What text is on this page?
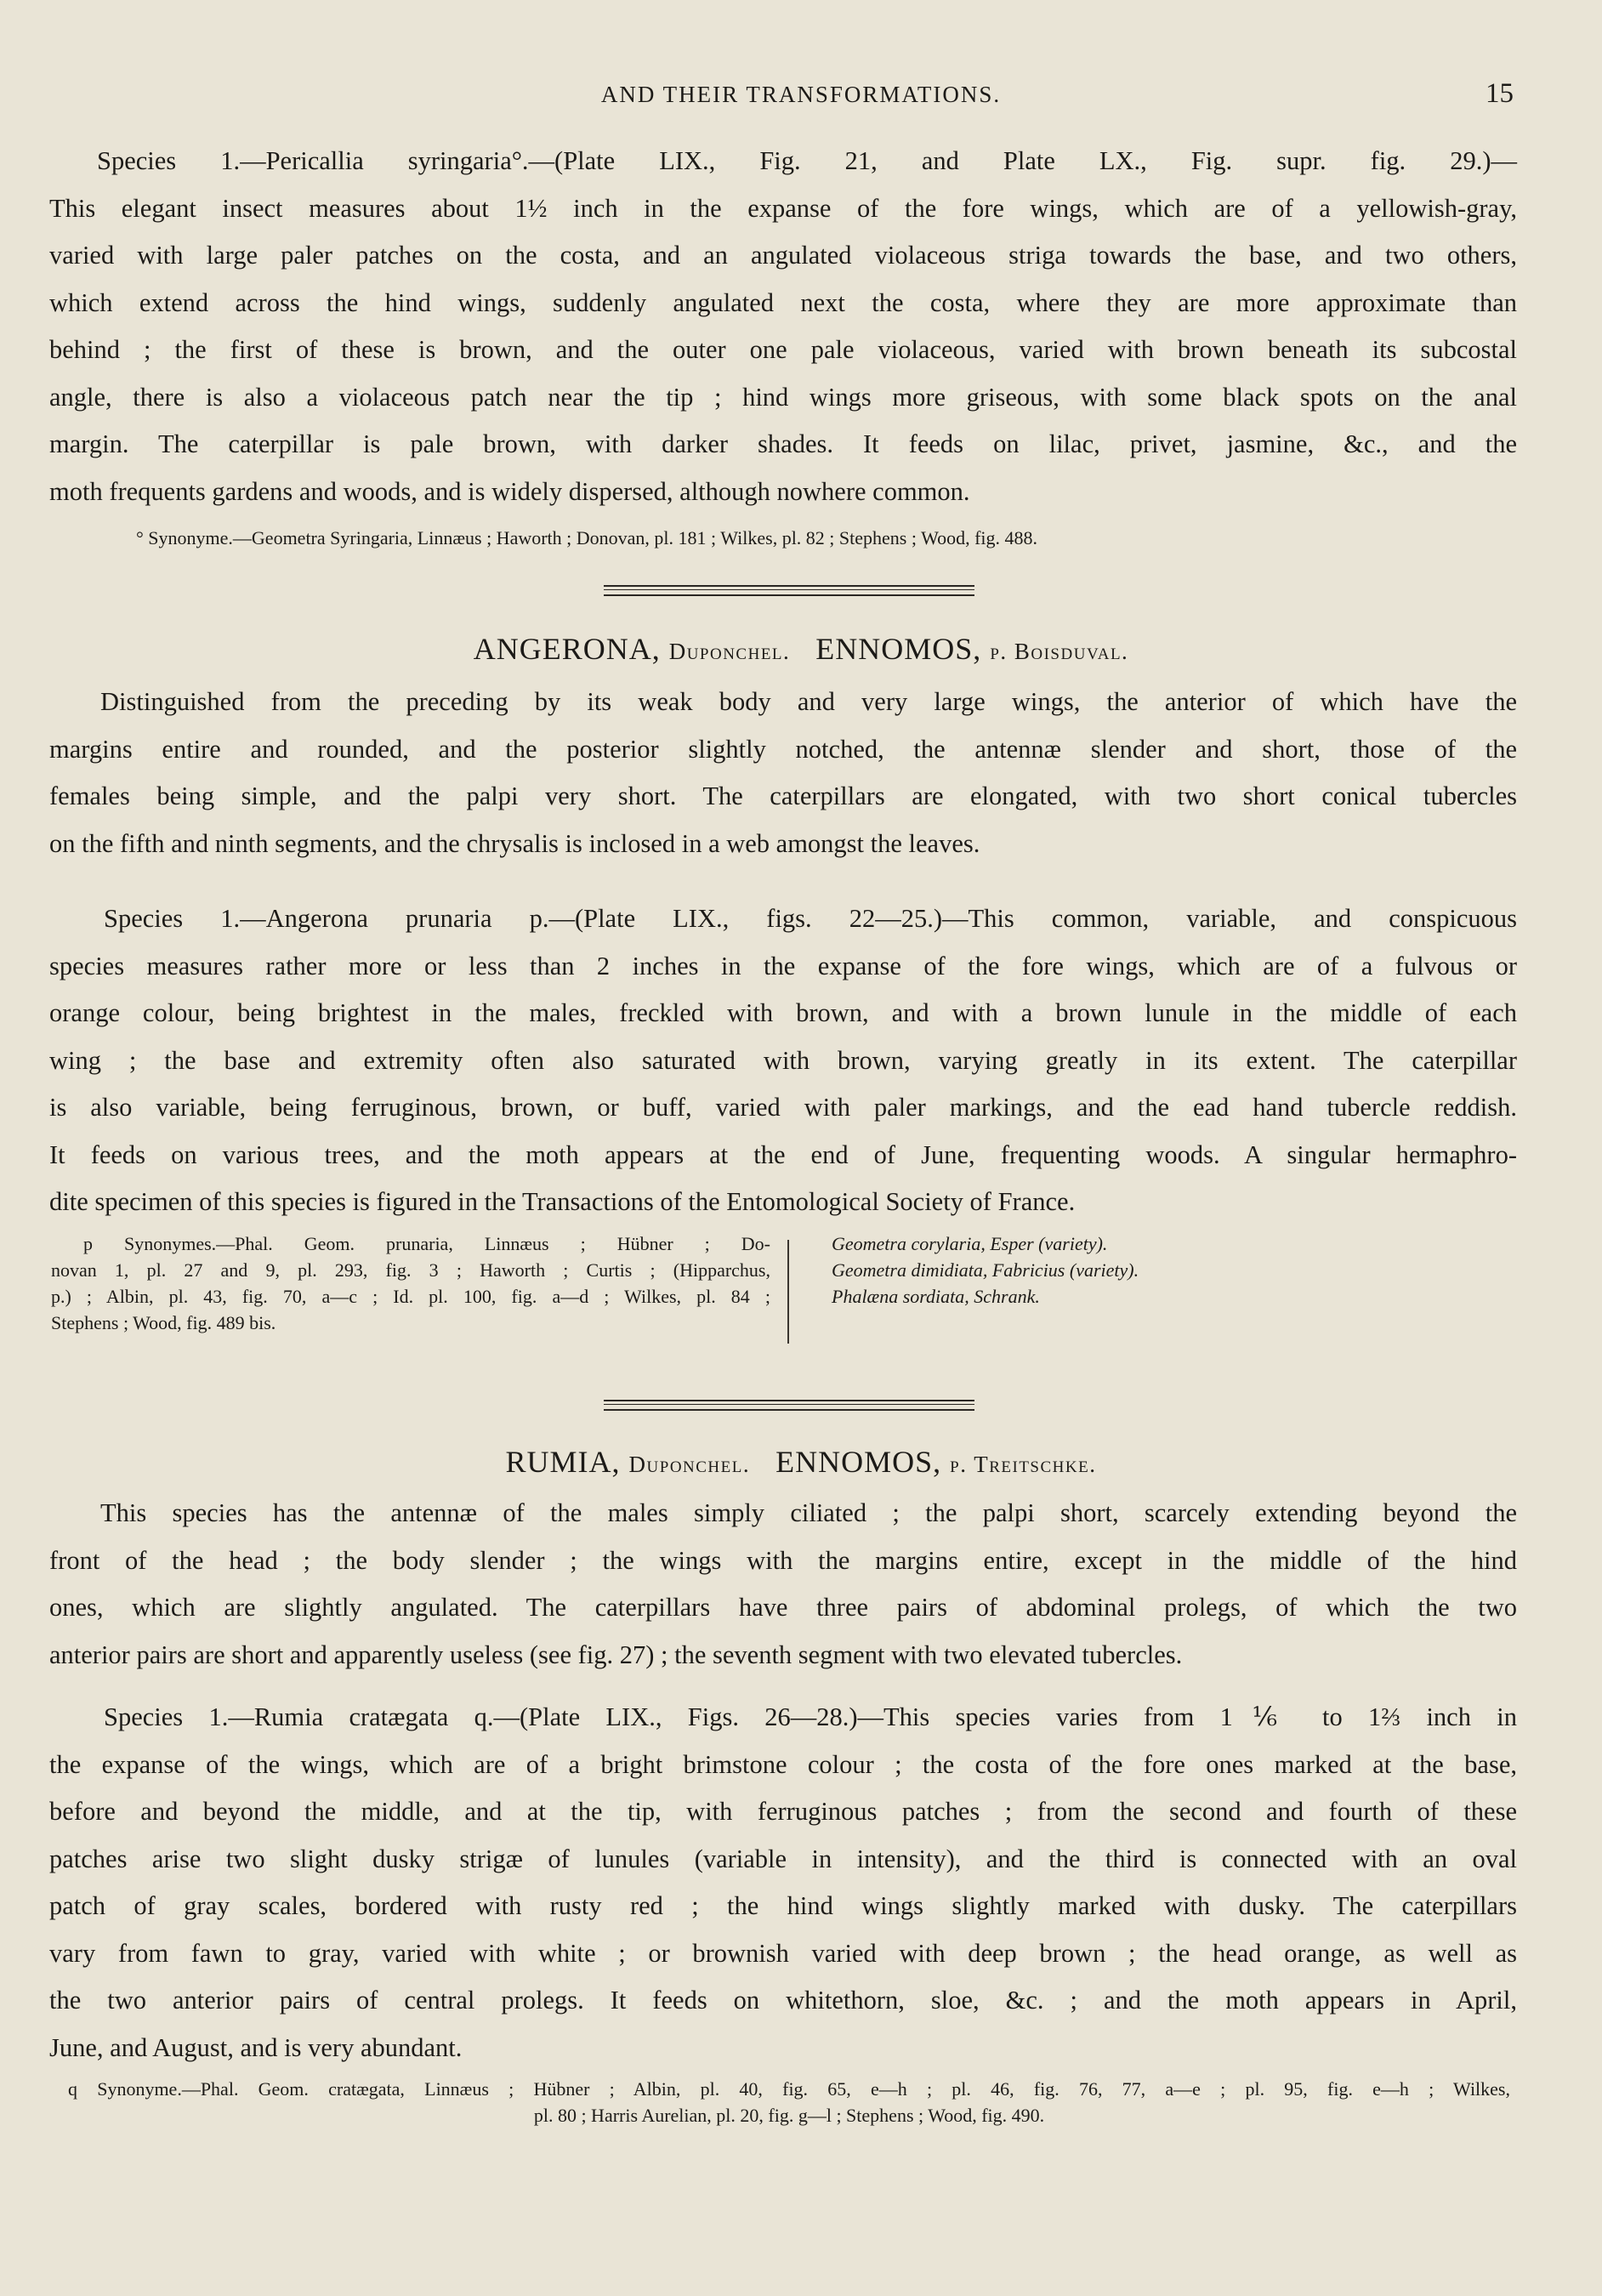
AND THEIR TRANSFORMATIONS.	15
Species 1.—Pericallia syringaria°.—(Plate LIX., Fig. 21, and Plate LX., Fig. supr. fig. 29.)—
This elegant insect measures about 1½ inch in the expanse of the fore wings, which are of a yellowish-gray,
varied with large paler patches on the costa, and an angulated violaceous striga towards the base, and two others,
which extend across the hind wings, suddenly angulated next the costa, where they are more approximate than
behind ; the first of these is brown, and the outer one pale violaceous, varied with brown beneath its subcostal
angle, there is also a violaceous patch near the tip ; hind wings more griseous, with some black spots on the anal
margin. The caterpillar is pale brown, with darker shades. It feeds on lilac, privet, jasmine, &c., and the
moth frequents gardens and woods, and is widely dispersed, although nowhere common.
° Synonyme.—Geometra Syringaria, Linnæus ; Haworth ; Donovan, pl. 181 ; Wilkes, pl. 82 ; Stephens ; Wood, fig. 488.
ANGERONA, Duponchel. ENNOMOS, p. Boisduval.
Distinguished from the preceding by its weak body and very large wings, the anterior of which have the
margins entire and rounded, and the posterior slightly notched, the antennæ slender and short, those of the
females being simple, and the palpi very short. The caterpillars are elongated, with two short conical tubercles
on the fifth and ninth segments, and the chrysalis is inclosed in a web amongst the leaves.
Species 1.—Angerona prunaria p.—(Plate LIX., figs. 22—25.)—This common, variable, and conspicuous
species measures rather more or less than 2 inches in the expanse of the fore wings, which are of a fulvous or
orange colour, being brightest in the males, freckled with brown, and with a brown lunule in the middle of each
wing ; the base and extremity often also saturated with brown, varying greatly in its extent. The caterpillar
is also variable, being ferruginous, brown, or buff, varied with paler markings, and the ead hand tubercle reddish.
It feeds on various trees, and the moth appears at the end of June, frequenting woods. A singular hermaphro-
dite specimen of this species is figured in the Transactions of the Entomological Society of France.
p Synonymes.—Phal. Geom. prunaria, Linnæus ; Hübner ; Do-
novan 1, pl. 27 and 9, pl. 293, fig. 3 ; Haworth ; Curtis ; (Hipparchus,
p.) ; Albin, pl. 43, fig. 70, a—c ; Id. pl. 100, fig. a—d ; Wilkes, pl. 84 ;
Stephens ; Wood, fig. 489 bis.
Geometra corylaria, Esper (variety).
Geometra dimidiata, Fabricius (variety).
Phalæna sordiata, Schrank.
RUMIA, Duponchel. ENNOMOS, p. Treitschke.
This species has the antennæ of the males simply ciliated ; the palpi short, scarcely extending beyond the
front of the head ; the body slender ; the wings with the margins entire, except in the middle of the hind
ones, which are slightly angulated. The caterpillars have three pairs of abdominal prolegs, of which the two
anterior pairs are short and apparently useless (see fig. 27) ; the seventh segment with two elevated tubercles.
Species 1.—Rumia cratægata q.—(Plate LIX., Figs. 26—28.)—This species varies from 1⅙ to 1⅔ inch in
the expanse of the wings, which are of a bright brimstone colour ; the costa of the fore ones marked at the base,
before and beyond the middle, and at the tip, with ferruginous patches ; from the second and fourth of these
patches arise two slight dusky strigæ of lunules (variable in intensity), and the third is connected with an oval
patch of gray scales, bordered with rusty red ; the hind wings slightly marked with dusky. The caterpillars
vary from fawn to gray, varied with white ; or brownish varied with deep brown ; the head orange, as well as
the two anterior pairs of central prolegs. It feeds on whitethorn, sloe, &c. ; and the moth appears in April,
June, and August, and is very abundant.
q Synonyme.—Phal. Geom. cratægata, Linnæus ; Hübner ; Albin, pl. 40, fig. 65, e—h ; pl. 46, fig. 76, 77, a—e ; pl. 95, fig. e—h ; Wilkes,
pl. 80 ; Harris Aurelian, pl. 20, fig. g—l ; Stephens ; Wood, fig. 490.
